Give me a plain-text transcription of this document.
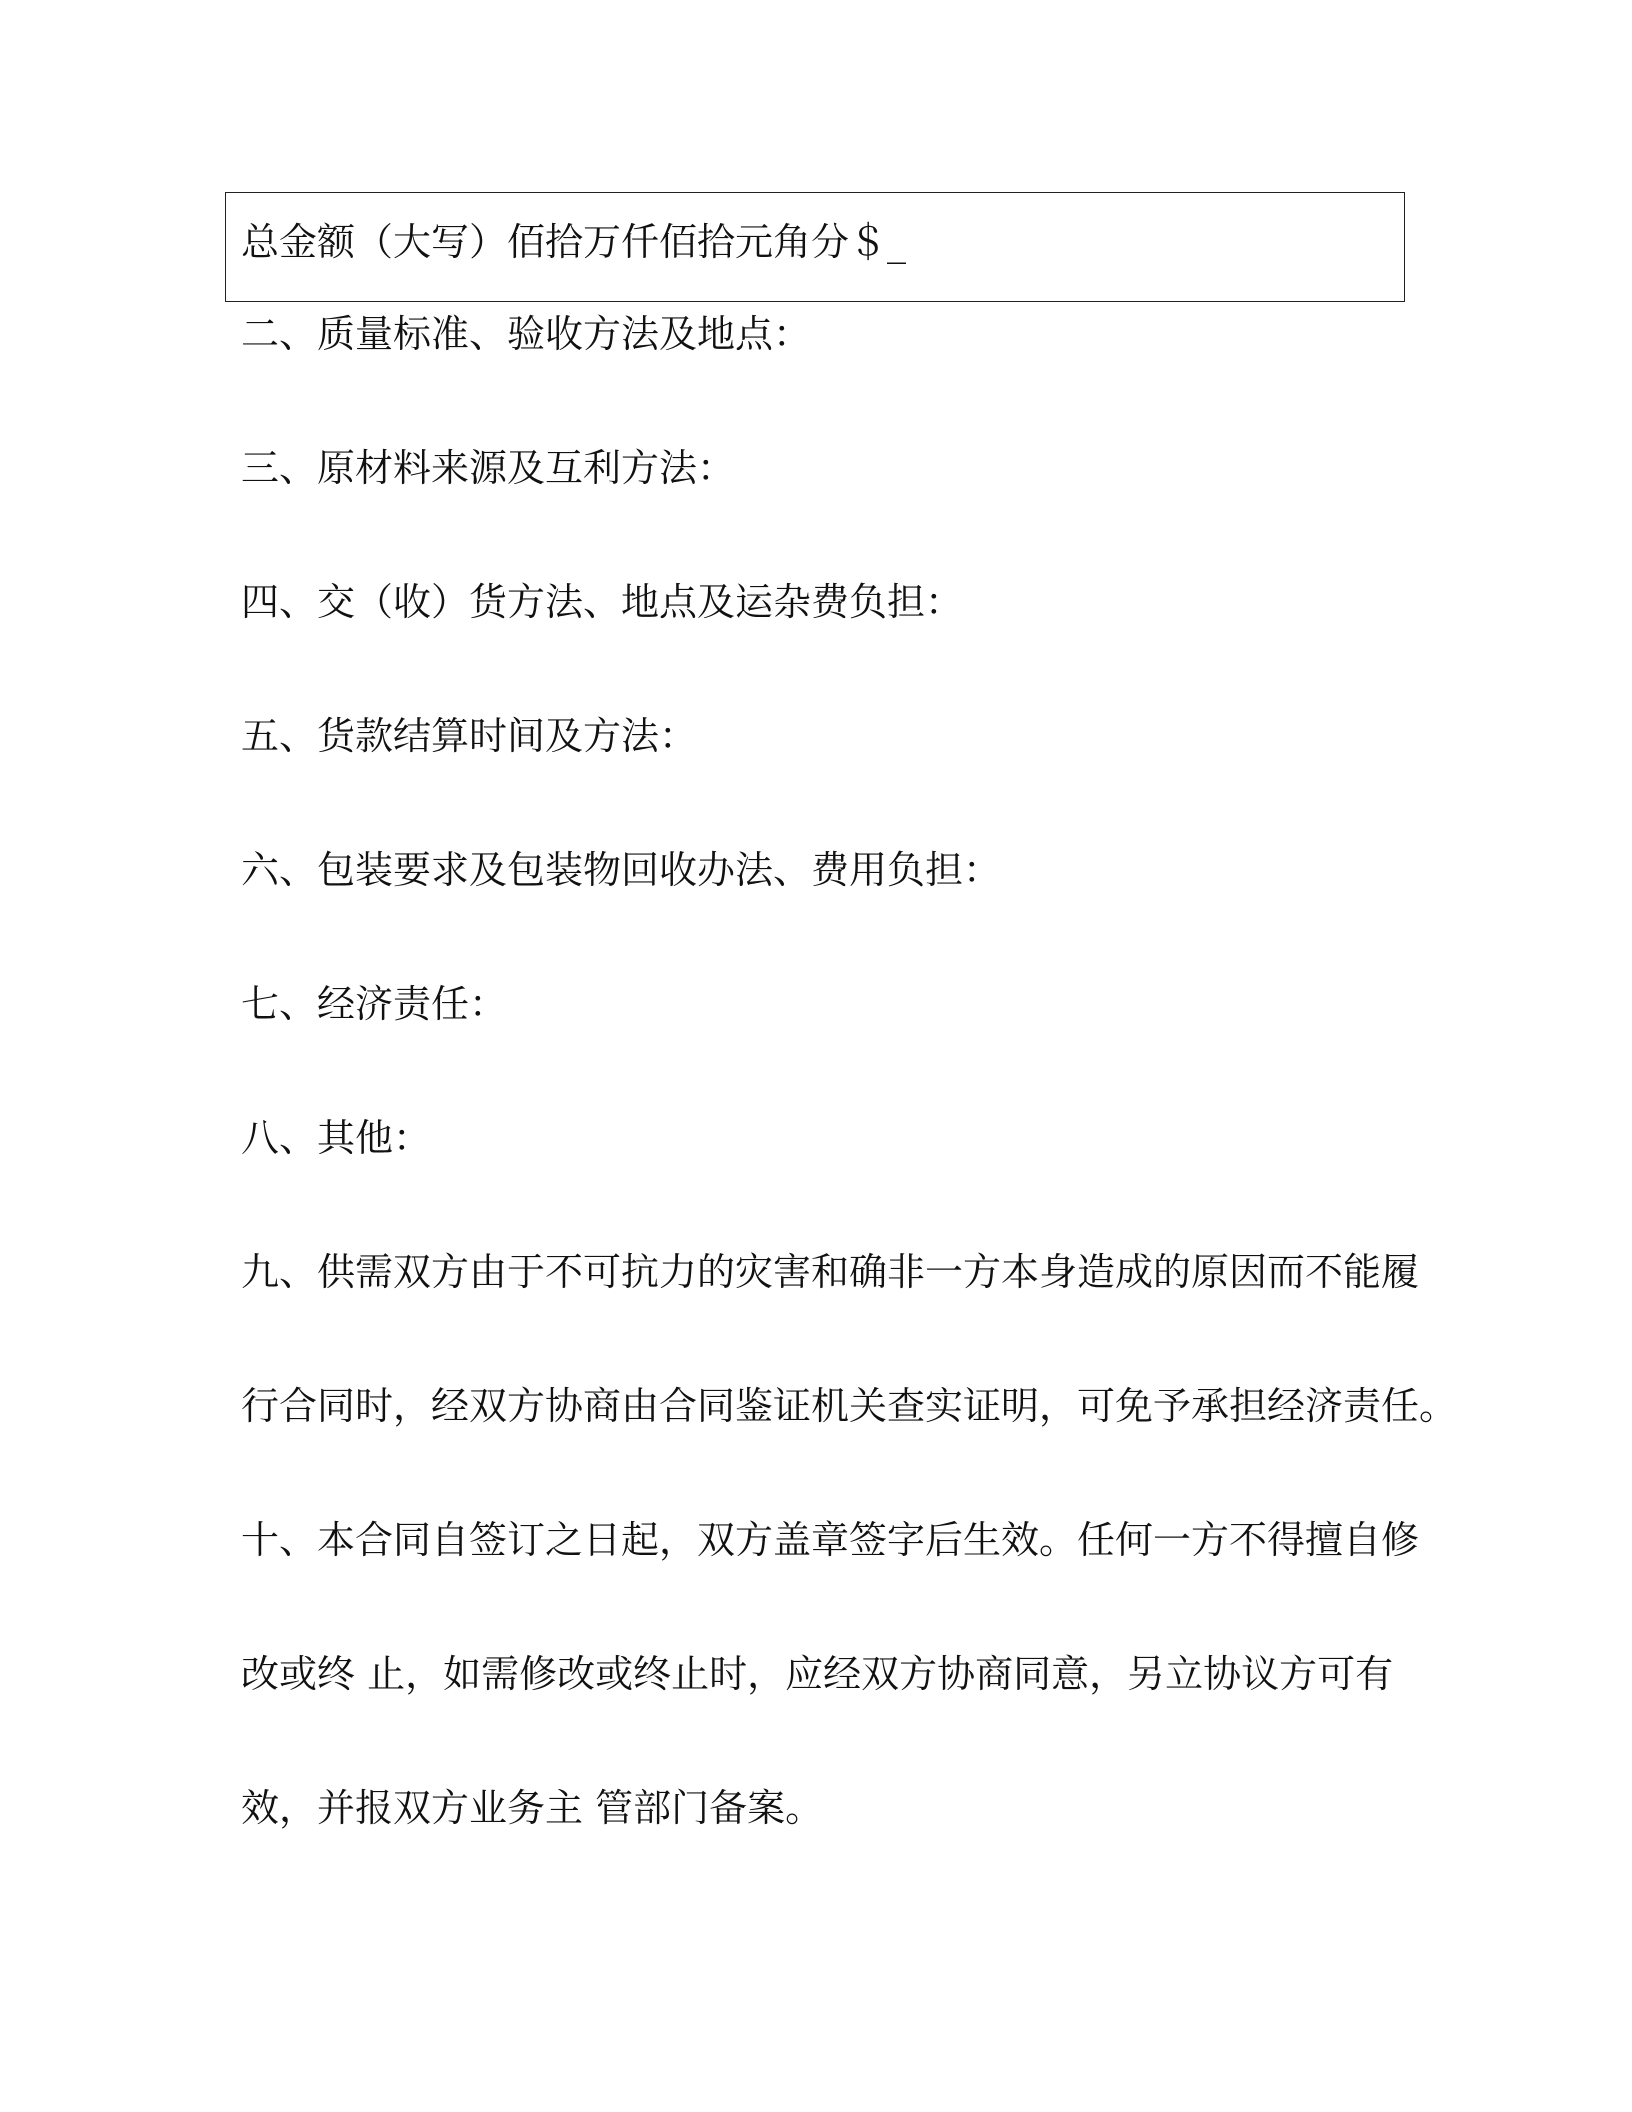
总金额（大写）佰拾万仟佰拾元角分＄_
二、质量标准、验收方法及地点：
三、原材料来源及互利方法：
四、交（收）货方法、地点及运杂费负担：
五、货款结算时间及方法：
六、包装要求及包装物回收办法、费用负担：
七、经济责任：
八、其他：
九、供需双方由于不可抗力的灾害和确非一方本身造成的原因而不能履
行合同时，经双方协商由合同鉴证机关查实证明，可免予承担经济责任。
十、本合同自签订之日起，双方盖章签字后生效。任何一方不得擅自修
改或终 止，如需修改或终止时，应经双方协商同意，另立协议方可有
效，并报双方业务主 管部门备案。
